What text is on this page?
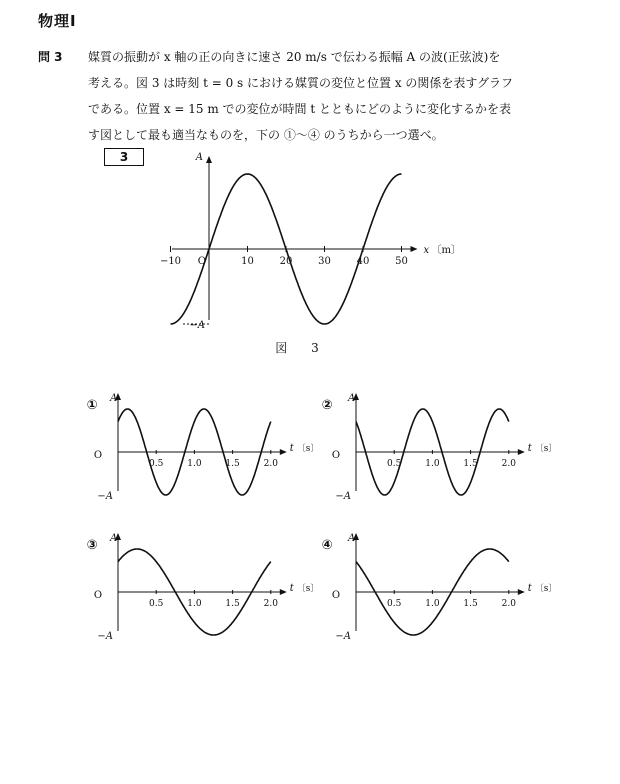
物理Ⅰ
問 3 媒質の振動が x 軸の正の向きに速さ 20 m/s で伝わる振幅 A の波(正弦波)を
考える。図 3 は時刻 t = 0 s における媒質の変位と位置 x の関係を表すグラフ
である。位置 x = 15 m での変位が時間 t とともにどのように変化するかを表
す図として最も適当なものを，下の ①～④ のうちから一つ選べ。
3
−10	10	20	30	40	50
O
A
−A
x 〔m〕
図 3
0.5	1.0	1.5	2.0
O
A
−A
t 〔s〕
①
0.5	1.0	1.5	2.0
O
A
−A
t 〔s〕
②
0.5	1.0	1.5	2.0
O
A
−A
t 〔s〕
③
0.5	1.0	1.5	2.0
O
A
−A
t 〔s〕
④
